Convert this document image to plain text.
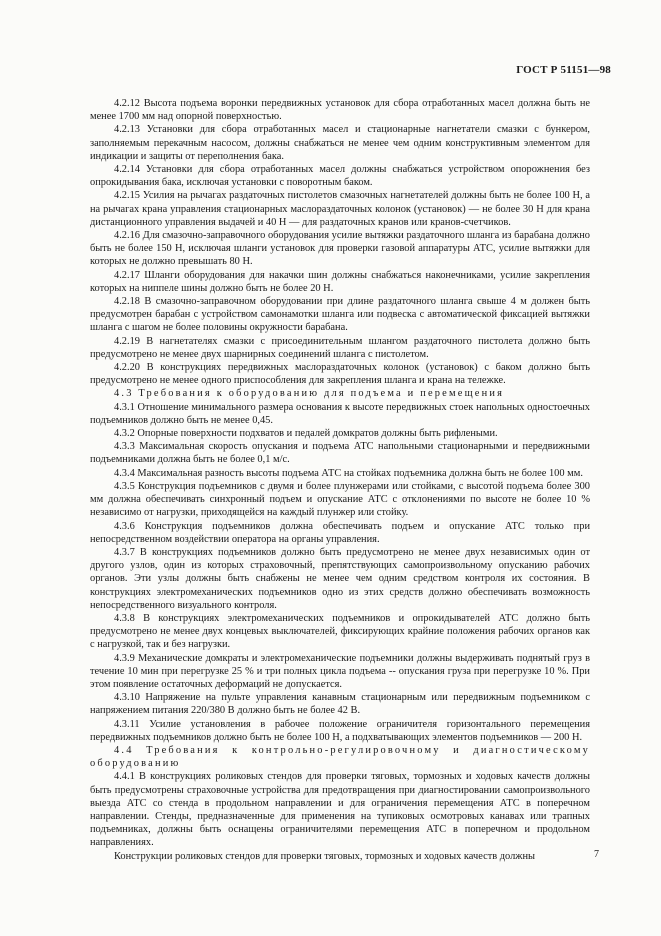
ГОСТ Р 51151—98

4.2.12 Высота подъема воронки передвижных установок для сбора отработанных масел должна быть не менее 1700 мм над опорной поверхностью.

4.2.13 Установки для сбора отработанных масел и стационарные нагнетатели смазки с бункером, заполняемым перекачным насосом, должны снабжаться не менее чем одним конструктивным элементом для индикации и защиты от переполнения бака.

4.2.14 Установки для сбора отработанных масел должны снабжаться устройством опорожнения без опрокидывания бака, исключая установки с поворотным баком.

4.2.15 Усилия на рычагах раздаточных пистолетов смазочных нагнетателей должны быть не более 100 Н, а на рычагах крана управления стационарных маслораздаточных колонок (установок) — не более 30 Н для крана дистанционного управления выдачей и 40 Н — для раздаточных кранов или кранов-счетчиков.

4.2.16 Для смазочно-заправочного оборудования усилие вытяжки раздаточного шланга из барабана должно быть не более 150 Н, исключая шланги установок для проверки газовой аппаратуры АТС, усилие вытяжки для которых не должно превышать 80 Н.

4.2.17 Шланги оборудования для накачки шин должны снабжаться наконечниками, усилие закрепления которых на ниппеле шины должно быть не более 20 Н.

4.2.18 В смазочно-заправочном оборудовании при длине раздаточного шланга свыше 4 м должен быть предусмотрен барабан с устройством самонамотки шланга или подвеска с автоматической фиксацией вытяжки шланга с шагом не более половины окружности барабана.

4.2.19 В нагнетателях смазки с присоединительным шлангом раздаточного пистолета должно быть предусмотрено не менее двух шарнирных соединений шланга с пистолетом.

4.2.20 В конструкциях передвижных маслораздаточных колонок (установок) с баком должно быть предусмотрено не менее одного приспособления для закрепления шланга и крана на тележке.

4.3 Требования к оборудованию для подъема и перемещения

4.3.1 Отношение минимального размера основания к высоте передвижных стоек напольных одностоечных подъемников должно быть не менее 0,45.

4.3.2 Опорные поверхности подхватов и педалей домкратов должны быть рифлеными.

4.3.3 Максимальная скорость опускания и подъема АТС напольными стационарными и передвижными подъемниками должна быть не более 0,1 м/с.

4.3.4 Максимальная разность высоты подъема АТС на стойках подъемника должна быть не более 100 мм.

4.3.5 Конструкция подъемников с двумя и более плунжерами или стойками, с высотой подъема более 300 мм должна обеспечивать синхронный подъем и опускание АТС с отклонениями по высоте не более 10 % независимо от нагрузки, приходящейся на каждый плунжер или стойку.

4.3.6 Конструкция подъемников должна обеспечивать подъем и опускание АТС только при непосредственном воздействии оператора на органы управления.

4.3.7 В конструкциях подъемников должно быть предусмотрено не менее двух независимых один от другого узлов, один из которых страховочный, препятствующих самопроизвольному опусканию рабочих органов. Эти узлы должны быть снабжены не менее чем одним средством контроля их состояния. В конструкциях электромеханических подъемников одно из этих средств должно обеспечивать возможность непосредственного визуального контроля.

4.3.8 В конструкциях электромеханических подъемников и опрокидывателей АТС должно быть предусмотрено не менее двух концевых выключателей, фиксирующих крайние положения рабочих органов как с нагрузкой, так и без нагрузки.

4.3.9 Механические домкраты и электромеханические подъемники должны выдерживать поднятый груз в течение 10 мин при перегрузке 25 % и три полных цикла подъема -- опускания груза при перегрузке 10 %. При этом появление остаточных деформаций не допускается.

4.3.10 Напряжение на пульте управления канавным стационарным или передвижным подъемником с напряжением питания 220/380 В должно быть не более 42 В.

4.3.11 Усилие установления в рабочее положение ограничителя горизонтального перемещения передвижных подъемников должно быть не более 100 Н, а подхватывающих элементов подъемников — 200 Н.

4.4 Требования к контрольно-регулировочному и диагностическому оборудованию

4.4.1 В конструкциях роликовых стендов для проверки тяговых, тормозных и ходовых качеств должны быть предусмотрены страховочные устройства для предотвращения при диагностировании самопроизвольного выезда АТС со стенда в продольном направлении и для ограничения перемещения АТС в поперечном направлении. Стенды, предназначенные для применения на тупиковых осмотровых канавах или трапных подъемниках, должны быть оснащены ограничителями перемещения АТС в поперечном и продольном направлениях.

Конструкции роликовых стендов для проверки тяговых, тормозных и ходовых качеств должны	7
